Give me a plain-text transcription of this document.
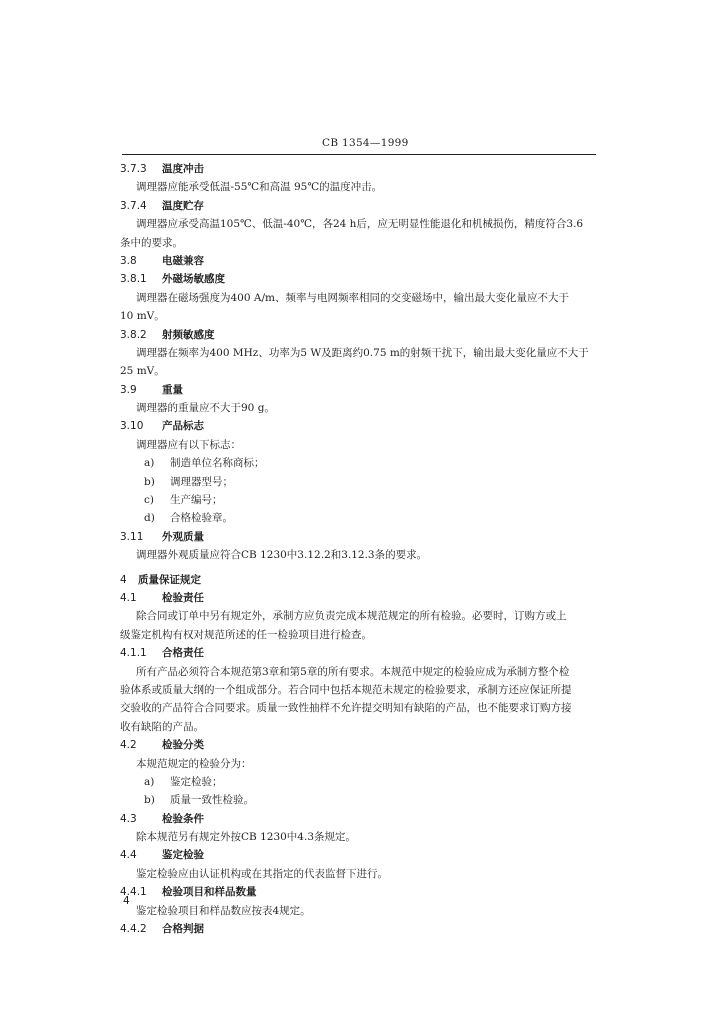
CB 1354—1999
3.7.3 温度冲击
调理器应能承受低温-55℃和高温 95℃的温度冲击。
3.7.4 温度贮存
调理器应承受高温105℃、低温-40℃，各24 h后，应无明显性能退化和机械损伤，精度符合3.6
条中的要求。
3.8 电磁兼容
3.8.1 外磁场敏感度
调理器在磁场强度为400 A/m、频率与电网频率相同的交变磁场中，输出最大变化量应不大于
10 mV。
3.8.2 射频敏感度
调理器在频率为400 MHz、功率为5 W及距离约0.75 m的射频干扰下，输出最大变化量应不大于
25 mV。
3.9 重量
调理器的重量应不大于90 g。
3.10 产品标志
调理器应有以下标志：
a) 制造单位名称商标；
b) 调理器型号；
c) 生产编号；
d) 合格检验章。
3.11 外观质量
调理器外观质量应符合CB 1230中3.12.2和3.12.3条的要求。
4 质量保证规定
4.1 检验责任
除合同或订单中另有规定外，承制方应负责完成本规范规定的所有检验。必要时，订购方或上
级鉴定机构有权对规范所述的任一检验项目进行检查。
4.1.1 合格责任
所有产品必须符合本规范第3章和第5章的所有要求。本规范中规定的检验应成为承制方整个检
验体系或质量大纲的一个组成部分。若合同中包括本规范未规定的检验要求，承制方还应保证所提
交验收的产品符合合同要求。质量一致性抽样不允许提交明知有缺陷的产品，也不能要求订购方接
收有缺陷的产品。
4.2 检验分类
本规范规定的检验分为：
a) 鉴定检验；
b) 质量一致性检验。
4.3 检验条件
除本规范另有规定外按CB 1230中4.3条规定。
4.4 鉴定检验
鉴定检验应由认证机构或在其指定的代表监督下进行。
4.4.1 检验项目和样品数量
鉴定检验项目和样品数应按表4规定。
4.4.2 合格判据
4
